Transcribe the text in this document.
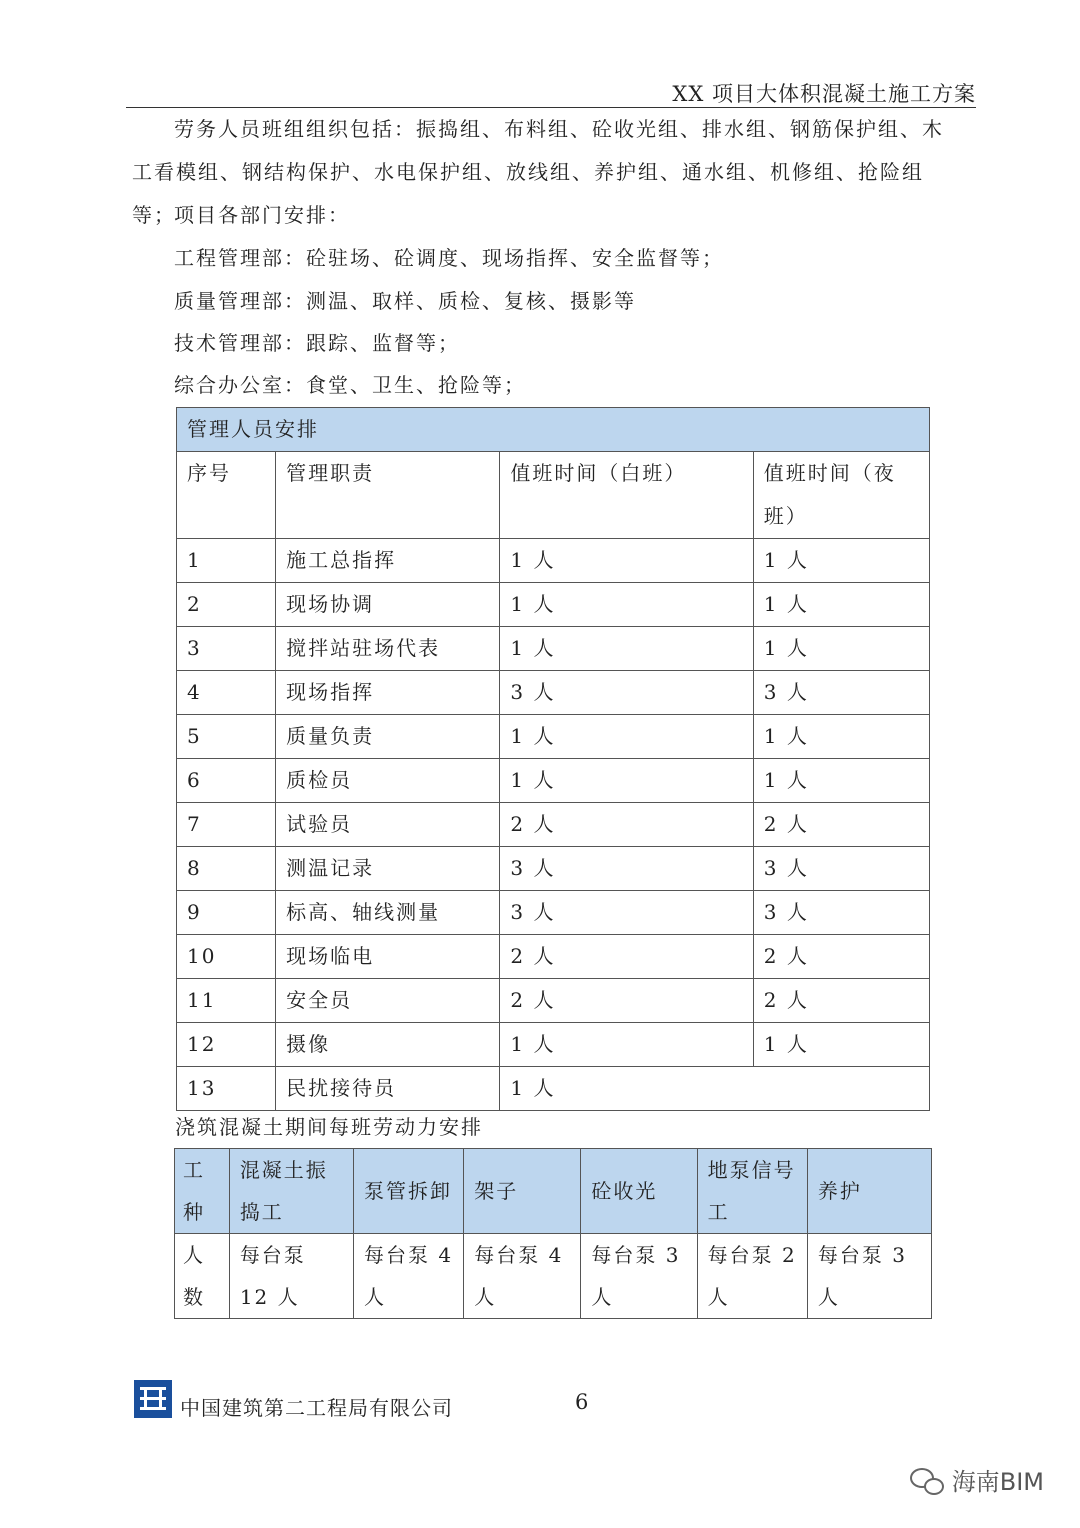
XX 项目大体积混凝土施工方案
劳务人员班组组织包括：振捣组、布料组、砼收光组、排水组、钢筋保护组、木工看模组、钢结构保护、水电保护组、放线组、养护组、通水组、机修组、抢险组等；
项目各部门安排：
工程管理部：砼驻场、砼调度、现场指挥、安全监督等；
质量管理部：测温、取样、质检、复核、摄影等
技术管理部：跟踪、监督等；
综合办公室：食堂、卫生、抢险等；
管理人员安排			
序号	管理职责	值班时间（白班）	值班时间（夜班）
1	施工总指挥	1 人	1 人
2	现场协调	1 人	1 人
3	搅拌站驻场代表	1 人	1 人
4	现场指挥	3 人	3 人
5	质量负责	1 人	1 人
6	质检员	1 人	1 人
7	试验员	2 人	2 人
8	测温记录	3 人	3 人
9	标高、轴线测量	3 人	3 人
10	现场临电	2 人	2 人
11	安全员	2 人	2 人
12	摄像	1 人	1 人
13	民扰接待员	1 人	
浇筑混凝土期间每班劳动力安排
工种	混凝土振捣工	泵管拆卸	架子	砼收光	地泵信号工	养护
人数	每台泵 12 人	每台泵 4 人	每台泵 4 人	每台泵 3 人	每台泵 2 人	每台泵 3 人
中国建筑第二工程局有限公司	6
海南BIM
